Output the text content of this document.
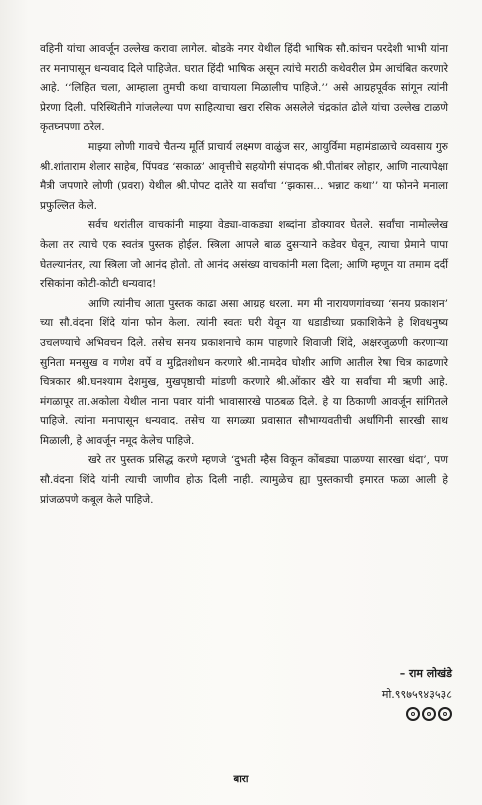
वहिनी यांचा आवर्जून उल्लेख करावा लागेल. बोडके नगर येथील हिंदी भाषिक सौ.कांचन परदेशी भाभी यांना तर मनापासून धन्यवाद दिले पाहिजेत. घरात हिंदी भाषिक असून त्यांचे मराठी कथेवरील प्रेम आचंबित करणारे आहे. ‘‘लिहित चला, आम्हाला तुमची कथा वाचायला मिळालीच पाहिजे.’’ असे आग्रहपूर्वक सांगून त्यांनी प्रेरणा दिली. परिस्थितीने गांजलेल्या पण साहित्याचा खरा रसिक असलेले चंद्रकांत ढोले यांचा उल्लेख टाळणे कृतघ्नपणा ठरेल.

माझ्या लोणी गावचे चैतन्य मूर्ति प्राचार्य लक्ष्मण वाळुंज सर, आयुर्विमा महामंडाळाचे व्यवसाय गुरु श्री.शांताराम शेलार साहेब, पिंपवड ‘सकाळ’ आवृत्तीचे सहयोगी संपादक श्री.पीतांबर लोहार, आणि नात्यापेक्षा मैत्री जपणारे लोणी (प्रवरा) येथील श्री.पोपट दातेरे या सर्वांचा ‘‘झकास... भन्नाट कथा’’ या फोनने मनाला प्रफुल्लित केले.

सर्वच थरांतील वाचकांनी माझ्या वेड्या-वाकड्या शब्दांना डोक्यावर घेतले. सर्वांचा नामोल्लेख केला तर त्याचे एक स्वतंत्र पुस्तक होईल. स्त्रिला आपले बाळ दुसऱ्याने कडेवर घेवून, त्याचा प्रेमाने पापा घेतल्यानंतर, त्या स्त्रिला जो आनंद होतो. तो आनंद असंख्य वाचकांनी मला दिला; आणि म्हणून या तमाम दर्दी रसिकांना कोटी-कोटी धन्यवाद!

आणि त्यांनीच आता पुस्तक काढा असा आग्रह धरला. मग मी नारायणगांवच्या ‘सनय प्रकाशन’ च्या सौ.वंदना शिंदे यांना फोन केला. त्यांनी स्वतः घरी येवून या धडाडीच्या प्रकाशिकेने हे शिवधनुष्य उचलण्याचे अभिवचन दिले. तसेच सनय प्रकाशनाचे काम पाहणारे शिवाजी शिंदे, अक्षरजुळणी करणाऱ्या सुनिता मनसुख व गणेश वर्पे व मुद्रितशोधन करणारे श्री.नामदेव घोशीर आणि आतील रेषा चित्र काढणारे चित्रकार श्री.घनश्याम देशमुख, मुखपृष्ठाची मांडणी करणारे श्री.ओंकार खैरे या सर्वांचा मी ऋणी आहे. मंगळापूर ता.अकोला येथील नाना पवार यांनी भावासारखे पाठबळ दिले. हे या ठिकाणी आवर्जून सांगितले पाहिजे. त्यांना मनापासून धन्यवाद. तसेच या सगळ्या प्रवासात सौभाग्यवतीची अर्धांगिनी सारखी साथ मिळाली, हे आवर्जून नमूद केलेच पाहिजे.

खरे तर पुस्तक प्रसिद्ध करणे म्हणजे ‘दुभती म्हैस विकून कोंबड्या पाळण्या सारखा धंदा’, पण सौ.वंदना शिंदे यांनी त्याची जाणीव होऊ दिली नाही. त्यामुळेच ह्या पुस्तकाची इमारत फळा आली हे प्रांजळपणे कबूल केले पाहिजे.

– राम लोखंडे
मो.९९७५९४३५३८
बारा
